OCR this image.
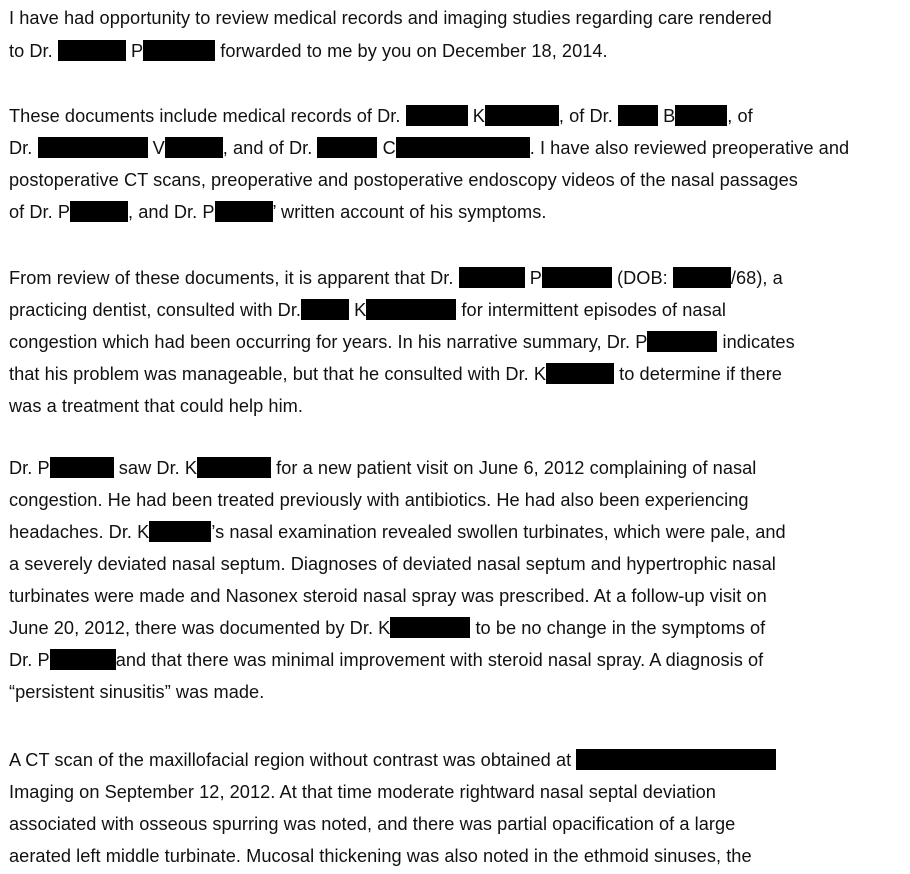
I have had opportunity to review medical records and imaging studies regarding care rendered
to Dr.	P	forwarded to me by you on December 18, 2014.
These documents include medical records of Dr.	K	, of Dr.  B	, of
Dr.	V	, and of Dr.	C	. I have also reviewed preoperative and
postoperative CT scans, preoperative and postoperative endoscopy videos of the nasal passages
of Dr. P	, and Dr. P	’ written account of his symptoms.
From review of these documents, it is apparent that Dr.	P	(DOB:	/68), a
practicing dentist, consulted with Dr.	K	for intermittent episodes of nasal
congestion which had been occurring for years. In his narrative summary, Dr. P	indicates
that his problem was manageable, but that he consulted with Dr. K	to determine if there
was a treatment that could help him.
Dr. P	saw Dr. K	for a new patient visit on June 6, 2012 complaining of nasal
congestion. He had been treated previously with antibiotics. He had also been experiencing
headaches. Dr. K	’s nasal examination revealed swollen turbinates, which were pale, and
a severely deviated nasal septum. Diagnoses of deviated nasal septum and hypertrophic nasal
turbinates were made and Nasonex steroid nasal spray was prescribed. At a follow-up visit on
June 20, 2012, there was documented by Dr. K	to be no change in the symptoms of
Dr. P	and that there was minimal improvement with steroid nasal spray. A diagnosis of
“persistent sinusitis” was made.
A CT scan of the maxillofacial region without contrast was obtained at
Imaging on September 12, 2012. At that time moderate rightward nasal septal deviation
associated with osseous spurring was noted, and there was partial opacification of a large
aerated left middle turbinate. Mucosal thickening was also noted in the ethmoid sinuses, the
